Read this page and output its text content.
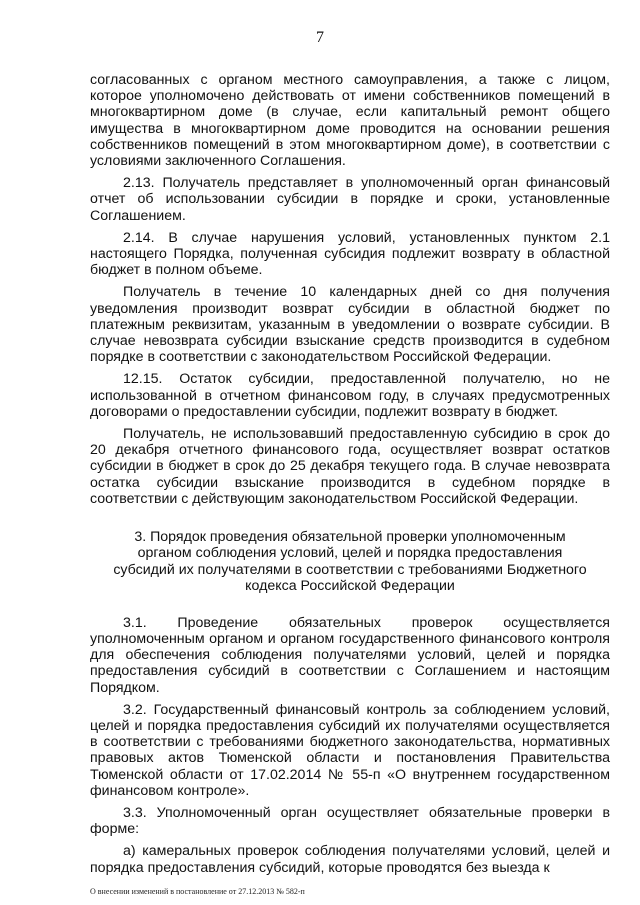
7

согласованных с органом местного самоуправления, а также с лицом, которое уполномочено действовать от имени собственников помещений в многоквартирном доме (в случае, если капитальный ремонт общего имущества в многоквартирном доме проводится на основании решения собственников помещений в этом многоквартирном доме), в соответствии с условиями заключенного Соглашения.

2.13. Получатель представляет в уполномоченный орган финансовый отчет об использовании субсидии в порядке и сроки, установленные Соглашением.

2.14. В случае нарушения условий, установленных пунктом 2.1 настоящего Порядка, полученная субсидия подлежит возврату в областной бюджет в полном объеме.

Получатель в течение 10 календарных дней со дня получения уведомления производит возврат субсидии в областной бюджет по платежным реквизитам, указанным в уведомлении о возврате субсидии. В случае невозврата субсидии взыскание средств производится в судебном порядке в соответствии с законодательством Российской Федерации.

12.15. Остаток субсидии, предоставленной получателю, но не использованной в отчетном финансовом году, в случаях предусмотренных договорами о предоставлении субсидии, подлежит возврату в бюджет.

Получатель, не использовавший предоставленную субсидию в срок до 20 декабря отчетного финансового года, осуществляет возврат остатков субсидии в бюджет в срок до 25 декабря текущего года. В случае невозврата остатка субсидии взыскание производится в судебном порядке в соответствии с действующим законодательством Российской Федерации.

3. Порядок проведения обязательной проверки уполномоченным органом соблюдения условий, целей и порядка предоставления субсидий их получателями в соответствии с требованиями Бюджетного кодекса Российской Федерации

3.1. Проведение обязательных проверок осуществляется уполномоченным органом и органом государственного финансового контроля для обеспечения соблюдения получателями условий, целей и порядка предоставления субсидий в соответствии с Соглашением и настоящим Порядком.

3.2. Государственный финансовый контроль за соблюдением условий, целей и порядка предоставления субсидий их получателями осуществляется в соответствии с требованиями бюджетного законодательства, нормативных правовых актов Тюменской области и постановления Правительства Тюменской области от 17.02.2014 № 55-п «О внутреннем государственном финансовом контроле».

3.3. Уполномоченный орган осуществляет обязательные проверки в форме:

а) камеральных проверок соблюдения получателями условий, целей и порядка предоставления субсидий, которые проводятся без выезда к

О внесении изменений в постановление от 27.12.2013 № 582-п
